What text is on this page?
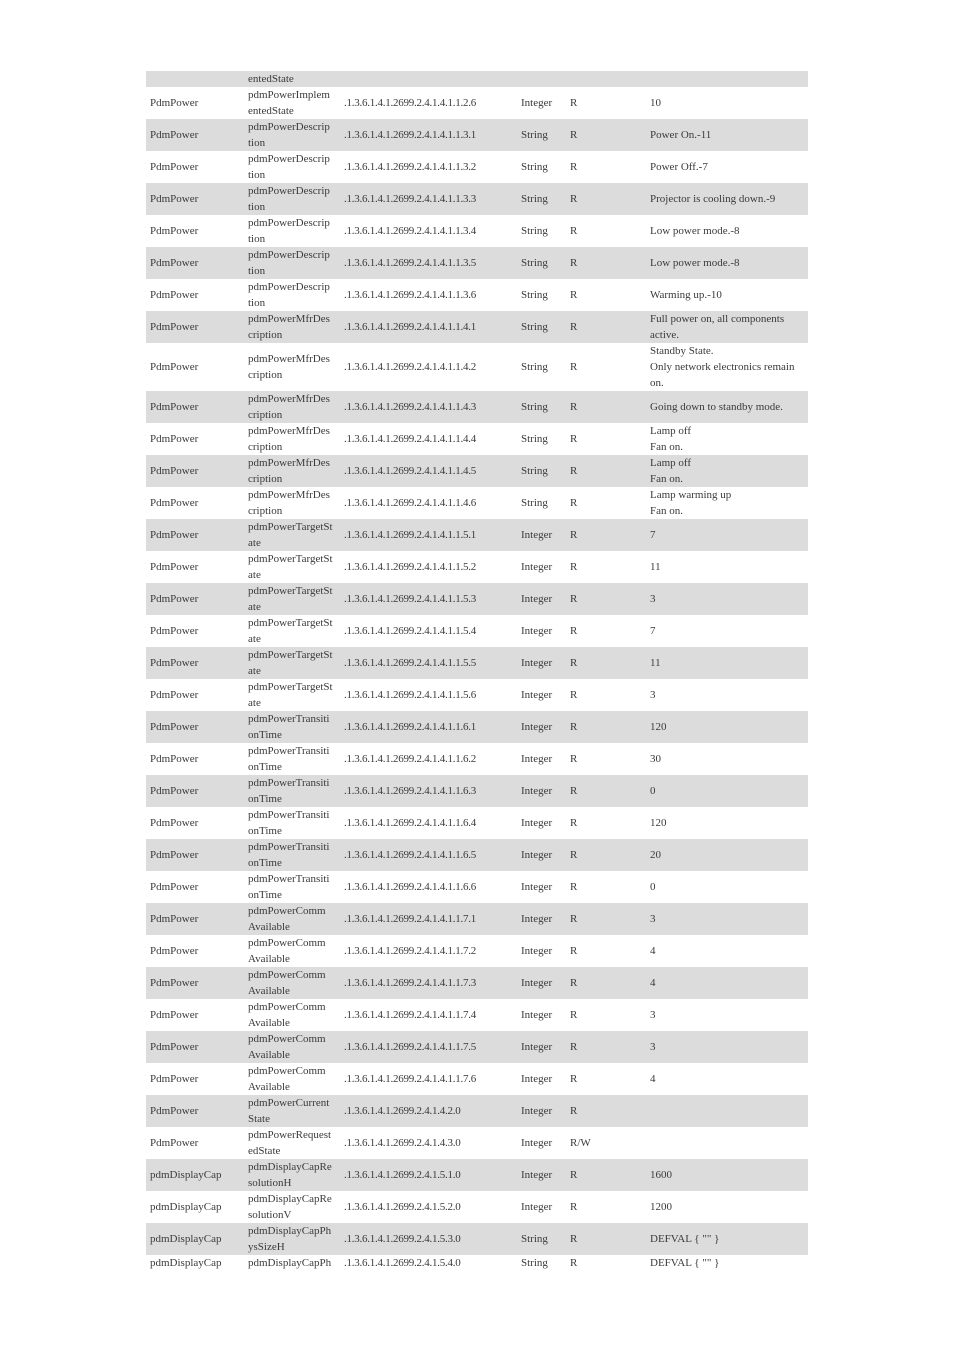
	entedState				
PdmPower	pdmPowerImplem
entedState	.1.3.6.1.4.1.2699.2.4.1.4.1.1.2.6	Integer	R	10
PdmPower	pdmPowerDescrip
tion	.1.3.6.1.4.1.2699.2.4.1.4.1.1.3.1	String	R	Power On.-11
PdmPower	pdmPowerDescrip
tion	.1.3.6.1.4.1.2699.2.4.1.4.1.1.3.2	String	R	Power Off.-7
PdmPower	pdmPowerDescrip
tion	.1.3.6.1.4.1.2699.2.4.1.4.1.1.3.3	String	R	Projector is cooling down.-9
PdmPower	pdmPowerDescrip
tion	.1.3.6.1.4.1.2699.2.4.1.4.1.1.3.4	String	R	Low power mode.-8
PdmPower	pdmPowerDescrip
tion	.1.3.6.1.4.1.2699.2.4.1.4.1.1.3.5	String	R	Low power mode.-8
PdmPower	pdmPowerDescrip
tion	.1.3.6.1.4.1.2699.2.4.1.4.1.1.3.6	String	R	Warming up.-10
PdmPower	pdmPowerMfrDes
cription	.1.3.6.1.4.1.2699.2.4.1.4.1.1.4.1	String	R	Full power on, all components
active.
PdmPower	pdmPowerMfrDes
cription	.1.3.6.1.4.1.2699.2.4.1.4.1.1.4.2	String	R	Standby State.
Only network electronics remain
on.
PdmPower	pdmPowerMfrDes
cription	.1.3.6.1.4.1.2699.2.4.1.4.1.1.4.3	String	R	Going down to standby mode.
PdmPower	pdmPowerMfrDes
cription	.1.3.6.1.4.1.2699.2.4.1.4.1.1.4.4	String	R	Lamp off
Fan on.
PdmPower	pdmPowerMfrDes
cription	.1.3.6.1.4.1.2699.2.4.1.4.1.1.4.5	String	R	Lamp off
Fan on.
PdmPower	pdmPowerMfrDes
cription	.1.3.6.1.4.1.2699.2.4.1.4.1.1.4.6	String	R	Lamp warming up
Fan on.
PdmPower	pdmPowerTargetSt
ate	.1.3.6.1.4.1.2699.2.4.1.4.1.1.5.1	Integer	R	7
PdmPower	pdmPowerTargetSt
ate	.1.3.6.1.4.1.2699.2.4.1.4.1.1.5.2	Integer	R	11
PdmPower	pdmPowerTargetSt
ate	.1.3.6.1.4.1.2699.2.4.1.4.1.1.5.3	Integer	R	3
PdmPower	pdmPowerTargetSt
ate	.1.3.6.1.4.1.2699.2.4.1.4.1.1.5.4	Integer	R	7
PdmPower	pdmPowerTargetSt
ate	.1.3.6.1.4.1.2699.2.4.1.4.1.1.5.5	Integer	R	11
PdmPower	pdmPowerTargetSt
ate	.1.3.6.1.4.1.2699.2.4.1.4.1.1.5.6	Integer	R	3
PdmPower	pdmPowerTransiti
onTime	.1.3.6.1.4.1.2699.2.4.1.4.1.1.6.1	Integer	R	120
PdmPower	pdmPowerTransiti
onTime	.1.3.6.1.4.1.2699.2.4.1.4.1.1.6.2	Integer	R	30
PdmPower	pdmPowerTransiti
onTime	.1.3.6.1.4.1.2699.2.4.1.4.1.1.6.3	Integer	R	0
PdmPower	pdmPowerTransiti
onTime	.1.3.6.1.4.1.2699.2.4.1.4.1.1.6.4	Integer	R	120
PdmPower	pdmPowerTransiti
onTime	.1.3.6.1.4.1.2699.2.4.1.4.1.1.6.5	Integer	R	20
PdmPower	pdmPowerTransiti
onTime	.1.3.6.1.4.1.2699.2.4.1.4.1.1.6.6	Integer	R	0
PdmPower	pdmPowerComm
Available	.1.3.6.1.4.1.2699.2.4.1.4.1.1.7.1	Integer	R	3
PdmPower	pdmPowerComm
Available	.1.3.6.1.4.1.2699.2.4.1.4.1.1.7.2	Integer	R	4
PdmPower	pdmPowerComm
Available	.1.3.6.1.4.1.2699.2.4.1.4.1.1.7.3	Integer	R	4
PdmPower	pdmPowerComm
Available	.1.3.6.1.4.1.2699.2.4.1.4.1.1.7.4	Integer	R	3
PdmPower	pdmPowerComm
Available	.1.3.6.1.4.1.2699.2.4.1.4.1.1.7.5	Integer	R	3
PdmPower	pdmPowerComm
Available	.1.3.6.1.4.1.2699.2.4.1.4.1.1.7.6	Integer	R	4
PdmPower	pdmPowerCurrent
State	.1.3.6.1.4.1.2699.2.4.1.4.2.0	Integer	R	
PdmPower	pdmPowerRequest
edState	.1.3.6.1.4.1.2699.2.4.1.4.3.0	Integer	R/W	
pdmDisplayCap	pdmDisplayCapRe
solutionH	.1.3.6.1.4.1.2699.2.4.1.5.1.0	Integer	R	1600
pdmDisplayCap	pdmDisplayCapRe
solutionV	.1.3.6.1.4.1.2699.2.4.1.5.2.0	Integer	R	1200
pdmDisplayCap	pdmDisplayCapPh
ysSizeH	.1.3.6.1.4.1.2699.2.4.1.5.3.0	String	R	DEFVAL { "" }
pdmDisplayCap	pdmDisplayCapPh	.1.3.6.1.4.1.2699.2.4.1.5.4.0	String	R	DEFVAL { "" }
